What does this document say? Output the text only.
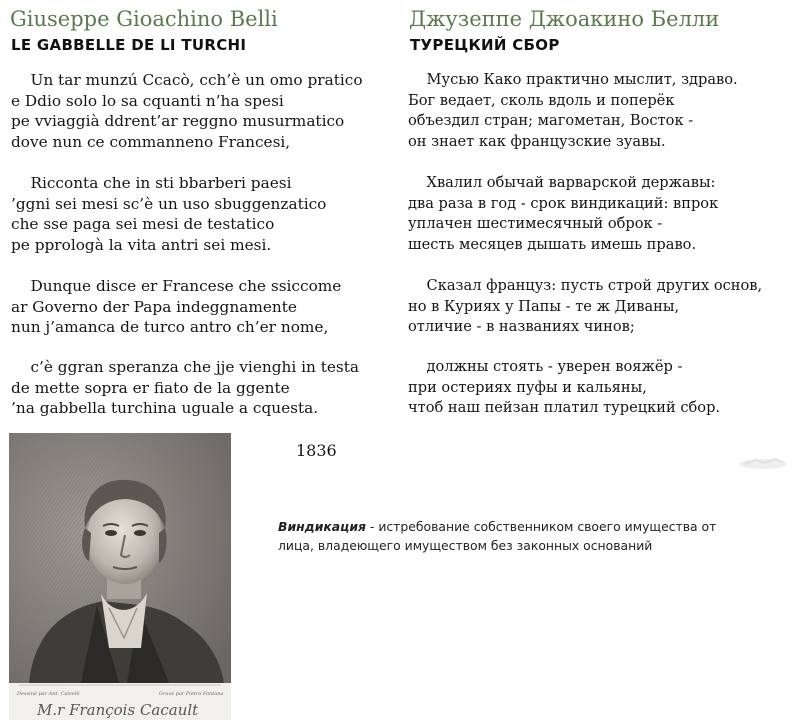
Giuseppe Gioachino Belli
LE GABBELLE DE LI TURCHI
Un tar munzú Ccacò, cch’è un omo pratico
e Ddio solo lo sa cquanti n’ha spesi
pe vviaggià ddrent’ar reggno musurmatico
dove nun ce commanneno Francesi,
Ricconta che in sti bbarberi paesi
’ggni sei mesi sc’è un uso sbuggenzatico
che sse paga sei mesi de testatico
pe pprologà la vita antri sei mesi.
Dunque disce er Francese che ssiccome
ar Governo der Papa indeggnamente
nun j’amanca de turco antro ch’er nome,
c’è ggran speranza che jje vienghi in testa
de mette sopra er fiato de la ggente
’na gabbella turchina uguale a cquesta.
Джузеппе Джоакино Белли
ТУРЕЦКИЙ СБОР
Мусью Како практично мыслит, здраво.
Бог ведает, сколь вдоль и поперёк
объездил стран; магометан, Восток -
он знает как французские зуавы.
Хвалил обычай варварской державы:
два раза в год - срок виндикаций: впрок
уплачен шестимесячный оброк -
шесть месяцев дышать имешь право.
Сказал француз: пусть строй других основ,
но в Куриях у Папы - те ж Диваны,
отличие - в названиях чинов;
должны стоять - уверен вояжёр -
при остериях пуфы и кальяны,
чтоб наш пейзан платил турецкий сбор.
1836
Виндикация - истребование собственником своего имущества от лица, владеющего имуществом без законных оснований
Dessiné par Ant. Calvelli	Gravé par Pietro Fontana
M.r François Cacault
